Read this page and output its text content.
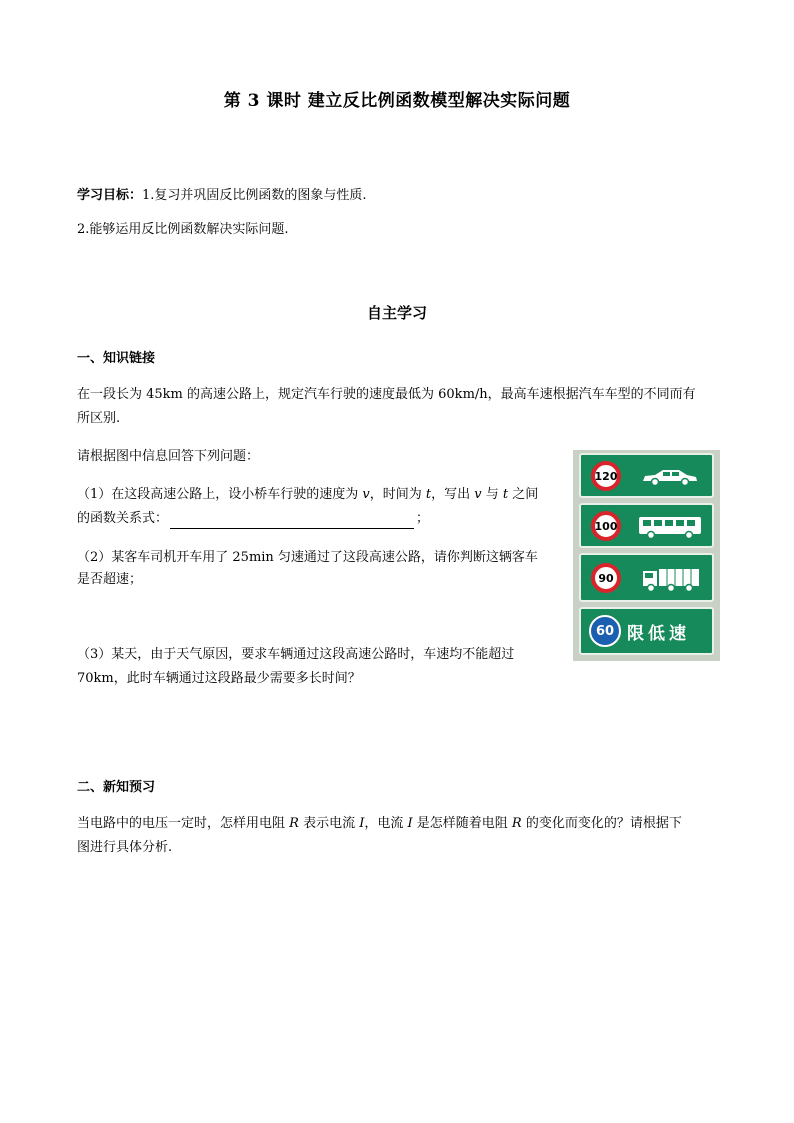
第 3 课时 建立反比例函数模型解决实际问题
学习目标：1.复习并巩固反比例函数的图象与性质.
2.能够运用反比例函数解决实际问题.
自主学习
一、知识链接
在一段长为 45km 的高速公路上，规定汽车行驶的速度最低为 60km/h，最高车速根据汽车车型的不同而有
所区别.
请根据图中信息回答下列问题：
（1）在这段高速公路上，设小桥车行驶的速度为 v，时间为 t，写出 v 与 t 之间
的函数关系式：	；
（2）某客车司机开车用了 25min 匀速通过了这段高速公路，请你判断这辆客车
是否超速；
（3）某天，由于天气原因，要求车辆通过这段高速公路时，车速均不能超过
70km，此时车辆通过这段路最少需要多长时间？
120
100
90
60 限低速
二、新知预习
当电路中的电压一定时，怎样用电阻 R 表示电流 I，电流 I 是怎样随着电阻 R 的变化而变化的？请根据下
图进行具体分析.
